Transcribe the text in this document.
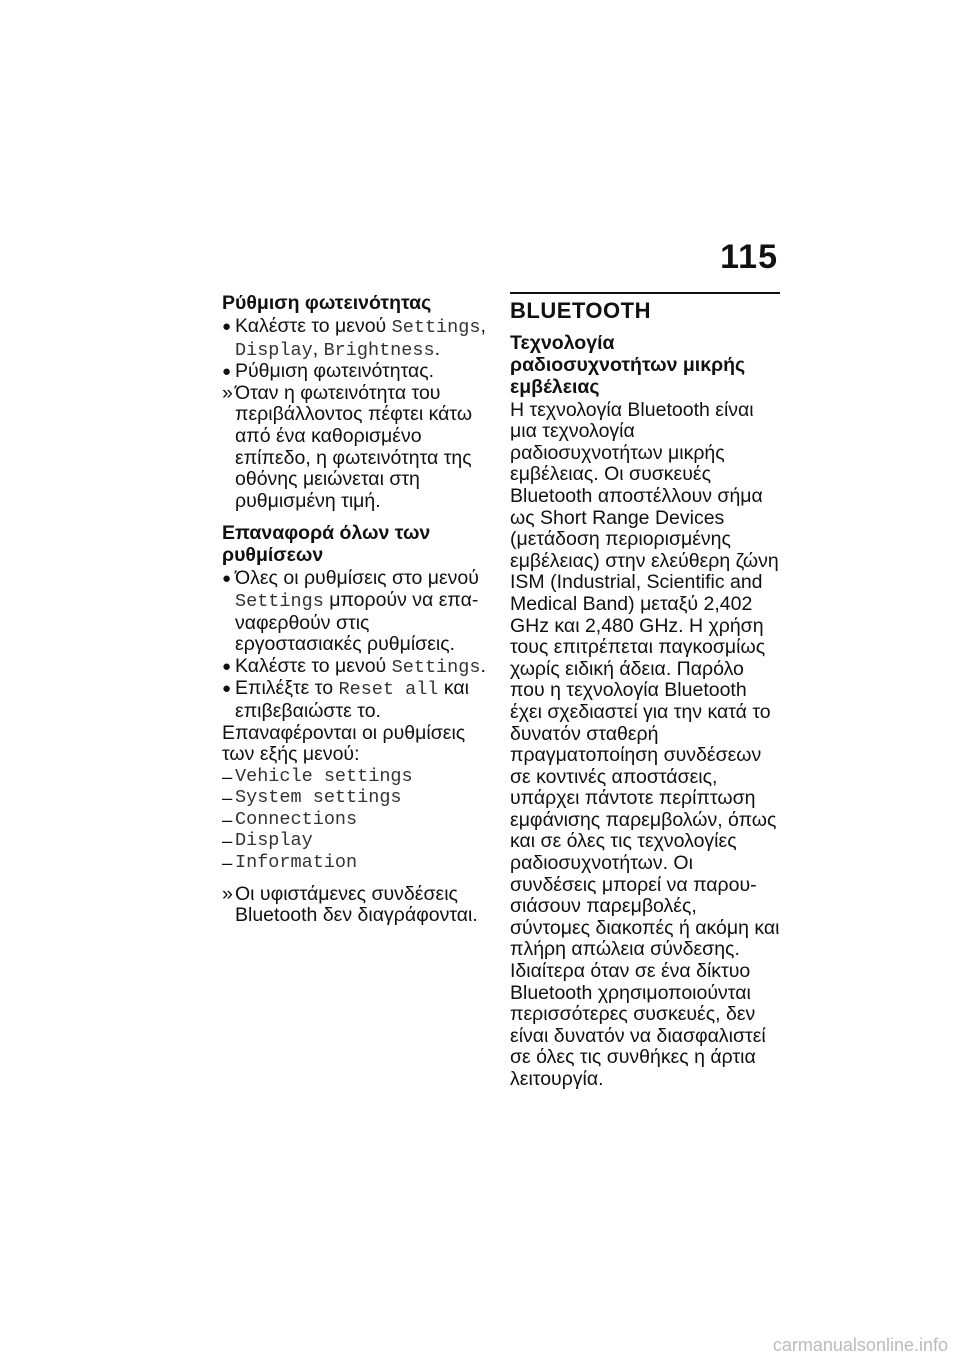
115
Ρύθμιση φωτεινότητας

● Καλέστε το μενού Settings, Display, Brightness.

● Ρύθμιση φωτεινότητας.

» Όταν η φωτεινότητα του περιβάλλοντος πέφτει κάτω από ένα καθορισμένο επίπεδο, η φωτεινότητα της οθόνης μειώνεται στη ρυθμισμένη τιμή.

Επαναφορά όλων των ρυθμίσεων

● Όλες οι ρυθμίσεις στο μενού Settings μπορούν να επαναφερθούν στις εργοστασιακές ρυθμίσεις.

● Καλέστε το μενού Settings.

● Επιλέξτε το Reset all και επιβεβαιώστε το.

Επαναφέρονται οι ρυθμίσεις των εξής μενού:

– Vehicle settings
– System settings
– Connections
– Display
– Information

» Οι υφιστάμενες συνδέσεις Bluetooth δεν διαγράφονται.

BLUETOOTH
Τεχνολογία ραδιοσυχνοτήτων μικρής εμβέλειας

Η τεχνολογία Bluetooth είναι μια τεχνολογία ραδιοσυχνοτήτων μικρής εμβέλειας. Οι συσκευές Bluetooth αποστέλλουν σήμα ως Short Range Devices (μετάδοση περιορισμένης εμβέλειας) στην ελεύθερη ζώνη ISM (Industrial, Scientific and Medical Band) μεταξύ 2,402 GHz και 2,480 GHz. Η χρήση τους επιτρέπεται παγκοσμίως χωρίς ειδική άδεια. Παρόλο που η τεχνολογία Bluetooth έχει σχεδιαστεί για την κατά το δυνατόν σταθερή πραγματοποίηση συνδέσεων σε κοντινές αποστάσεις, υπάρχει πάντοτε περίπτωση εμφάνισης παρεμβολών, όπως και σε όλες τις τεχνολογίες ραδιοσυχνοτήτων. Οι συνδέσεις μπορεί να παρουσιάσουν παρεμβολές, σύντομες διακοπές ή ακόμη και πλήρη απώλεια σύνδεσης. Ιδιαίτερα όταν σε ένα δίκτυο Bluetooth χρησιμοποιούνται περισσότερες συσκευές, δεν είναι δυνατόν να διασφαλιστεί σε όλες τις συνθήκες η άρτια λειτουργία.

carmanualsonline.info
